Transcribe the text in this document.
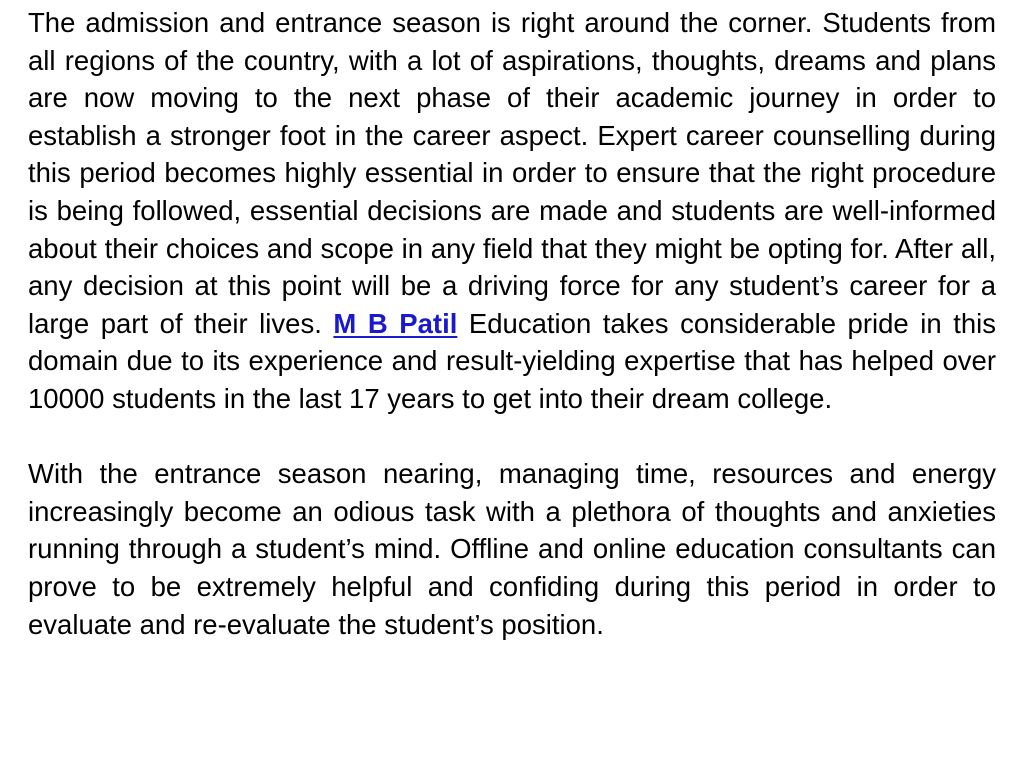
The admission and entrance season is right around the corner. Students from all regions of the country, with a lot of aspirations, thoughts, dreams and plans are now moving to the next phase of their academic journey in order to establish a stronger foot in the career aspect. Expert career counselling during this period becomes highly essential in order to ensure that the right procedure is being followed, essential decisions are made and students are well-informed about their choices and scope in any field that they might be opting for. After all, any decision at this point will be a driving force for any student’s career for a large part of their lives. M B Patil Education takes considerable pride in this domain due to its experience and result-yielding expertise that has helped over 10000 students in the last 17 years to get into their dream college.

With the entrance season nearing, managing time, resources and energy increasingly become an odious task with a plethora of thoughts and anxieties running through a student’s mind. Offline and online education consultants can prove to be extremely helpful and confiding during this period in order to evaluate and re-evaluate the student’s position.
